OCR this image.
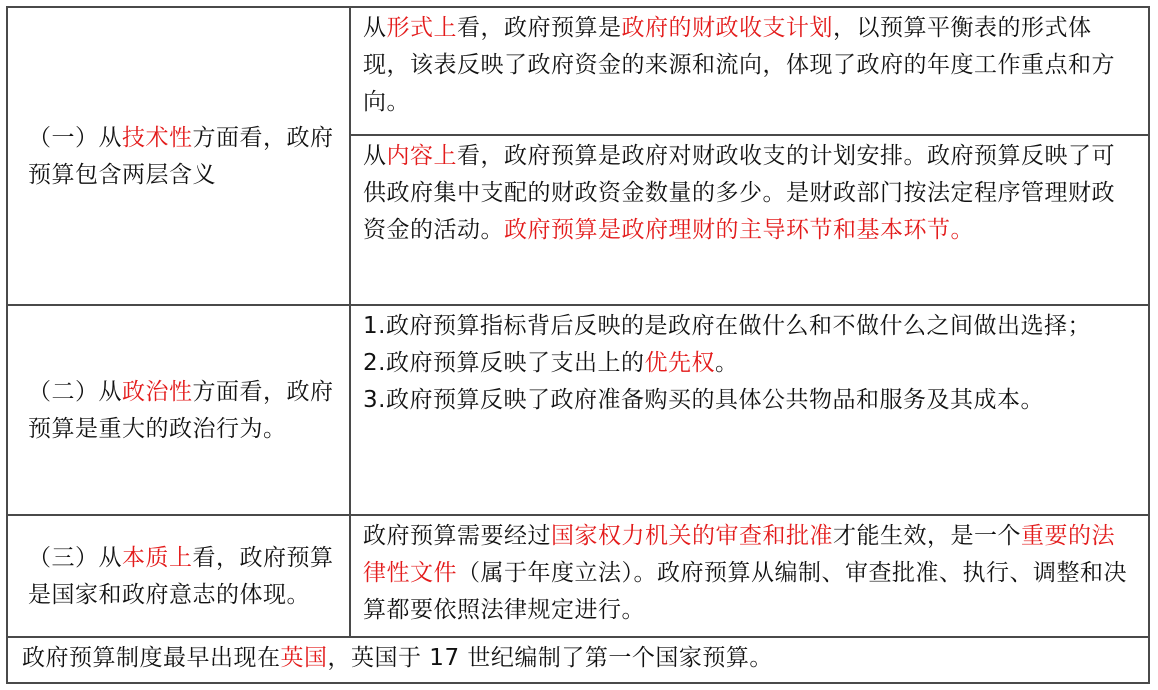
（一）从技术性方面看，政府预算包含两层含义
从形式上看，政府预算是政府的财政收支计划，以预算平衡表的形式体现，该表反映了政府资金的来源和流向，体现了政府的年度工作重点和方向。
从内容上看，政府预算是政府对财政收支的计划安排。政府预算反映了可供政府集中支配的财政资金数量的多少。是财政部门按法定程序管理财政资金的活动。政府预算是政府理财的主导环节和基本环节。
（二）从政治性方面看，政府预算是重大的政治行为。

1.政府预算指标背后反映的是政府在做什么和不做什么之间做出选择；

2.政府预算反映了支出上的优先权。

3.政府预算反映了政府准备购买的具体公共物品和服务及其成本。

（三）从本质上看，政府预算是国家和政府意志的体现。
政府预算需要经过国家权力机关的审查和批准才能生效，是一个重要的法律性文件（属于年度立法）。政府预算从编制、审查批准、执行、调整和决算都要依照法律规定进行。
政府预算制度最早出现在英国，英国于 17 世纪编制了第一个国家预算。
